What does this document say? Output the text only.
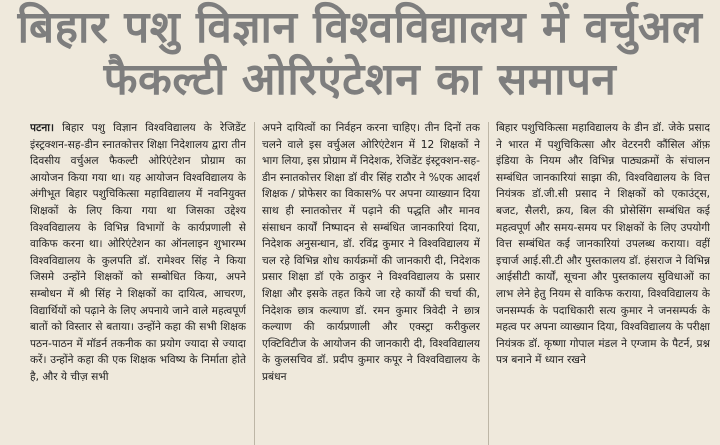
बिहार पशु विज्ञान विश्वविद्यालय में वर्चुअल
फैकल्टी ओरिएंटेशन का समापन
पटना। बिहार पशु विज्ञान विश्वविद्यालय के रेजिडेंट इंस्ट्रक्शन-सह-डीन स्नातकोत्तर शिक्षा निदेशालय द्वारा तीन दिवसीय वर्चुअल फैकल्टी ओरिएंटेशन प्रोग्राम का आयोजन किया गया था। यह आयोजन विश्वविद्यालय के अंगीभूत बिहार पशुचिकित्सा महाविद्यालय में नवनियुक्त शिक्षकों के लिए किया गया था जिसका उद्देश्य विश्वविद्यालय के विभिन्न विभागों के कार्यप्रणाली से वाकिफ करना था। ओरिएंटेशन का ऑनलाइन शुभारम्भ विश्वविद्यालय के कुलपति डॉ. रामेश्वर सिंह ने किया जिसमे उन्होंने शिक्षकों को सम्बोधित किया, अपने सम्बोधन में श्री सिंह ने शिक्षकों का दायित्व, आचरण, विद्यार्थियों को पढ़ाने के लिए अपनाये जाने वाले महत्वपूर्ण बातों को विस्तार से बताया। उन्होंने कहा की सभी शिक्षक पठन-पाठन में मॉडर्न तकनीक का प्रयोग ज्यादा से ज्यादा करें। उन्होंने कहा की एक शिक्षक भविष्य के निर्माता होते है, और ये चीज़ सभी
अपने दायित्वों का निर्वहन करना चाहिए। तीन दिनों तक चलने वाले इस वर्चुअल ओरिएंटेशन में 12 शिक्षकों ने भाग लिया, इस प्रोग्राम में निदेशक, रेजिडेंट इंस्ट्रक्शन-सह-डीन स्नातकोत्तर शिक्षा डॉ वीर सिंह राठौर ने %एक आदर्श शिक्षक / प्रोफेसर का विकास% पर अपना व्याख्यान दिया साथ ही स्नातकोत्तर में पढ़ाने की पद्धति और मानव संसाधन कार्यों निष्पादन से सम्बंधित जानकारियां दिया, निदेशक अनुसन्धान, डॉ. रविंद्र कुमार ने विश्वविद्यालय में चल रहे विभिन्न शोध कार्यक्रमों की जानकारी दी, निदेशक प्रसार शिक्षा डॉ एके ठाकुर ने विश्वविद्यालय के प्रसार शिक्षा और इसके तहत किये जा रहे कार्यों की चर्चा की, निदेशक छात्र कल्याण डॉ. रमन कुमार त्रिवेदी ने छात्र कल्याण की कार्यप्रणाली और एक्स्ट्रा करीकुलर एक्टिविटीज के आयोजन की जानकारी दी, विश्वविद्यालय के कुलसचिव डॉ. प्रदीप कुमार कपूर ने विश्वविद्यालय के प्रबंधन
बिहार पशुचिकित्सा महाविद्यालय के डीन डॉ. जेके प्रसाद ने भारत में पशुचिकित्सा और वेटरनरी कौंसिल ऑफ़ इंडिया के नियम और विभिन्न पाठ्यक्रमों के संचालन सम्बंधित जानकारियां साझा की, विश्वविद्यालय के वित्त नियंत्रक डॉ.जी.सी प्रसाद ने शिक्षकों को एकाउंट्स, बजट, सैलरी, क्रय, बिल की प्रोसेसिंग सम्बंधित कई महत्वपूर्ण और समय-समय पर शिक्षकों के लिए उपयोगी वित्त सम्बंधित कई जानकारियां उपलब्ध कराया। वहीं इचार्ज आई.सी.टी और पुस्तकालय डॉ. हंसराज ने विभिन्न आईसीटी कार्यों, सूचना और पुस्तकालय सुविधाओं का लाभ लेने हेतु नियम से वाकिफ कराया, विश्वविद्यालय के जनसम्पर्क के पदाधिकारी सत्य कुमार ने जनसम्पर्क के महत्व पर अपना व्याख्यान दिया, विश्वविद्यालय के परीक्षा नियंत्रक डॉ. कृष्णा गोपाल मंडल ने एग्जाम के पैटर्न, प्रश्न पत्र बनाने में ध्यान रखने
